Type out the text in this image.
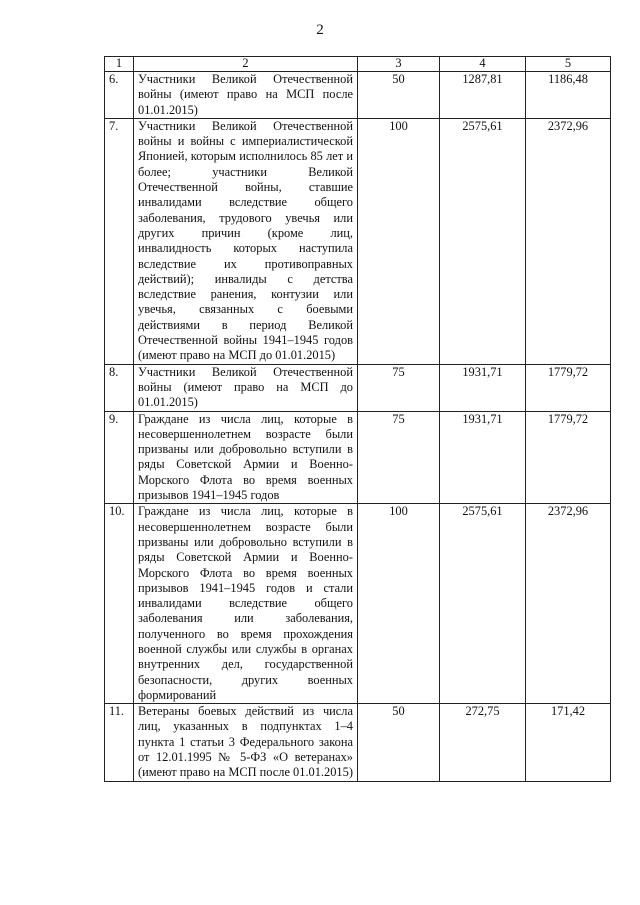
2
1	2	3	4	5
6.	Участники Великой Отечественной войны (имеют право на МСП после 01.01.2015)	50	1287,81	1186,48
7.	Участники Великой Отечественной войны и войны с империалистической Японией, которым исполнилось 85 лет и более; участники Великой Отечественной войны, ставшие инвалидами вследствие общего заболевания, трудового увечья или других причин (кроме лиц, инвалидность которых наступила вследствие их противоправных действий); инвалиды с детства вследствие ранения, контузии или увечья, связанных с боевыми действиями в период Великой Отечественной войны 1941–1945 годов (имеют право на МСП до 01.01.2015)	100	2575,61	2372,96
8.	Участники Великой Отечественной войны (имеют право на МСП до 01.01.2015)	75	1931,71	1779,72
9.	Граждане из числа лиц, которые в несовершеннолетнем возрасте были призваны или добровольно вступили в ряды Советской Армии и Военно-Морского Флота во время военных призывов 1941–1945 годов	75	1931,71	1779,72
10.	Граждане из числа лиц, которые в несовершеннолетнем возрасте были призваны или добровольно вступили в ряды Советской Армии и Военно-Морского Флота во время военных призывов 1941–1945 годов и стали инвалидами вследствие общего заболевания или заболевания, полученного во время прохождения военной службы или службы в органах внутренних дел, государственной безопасности, других военных формирований	100	2575,61	2372,96
11.	Ветераны боевых действий из числа лиц, указанных в подпунктах 1–4 пункта 1 статьи 3 Федерального закона от 12.01.1995 № 5-ФЗ «О ветеранах» (имеют право на МСП после 01.01.2015)	50	272,75	171,42
